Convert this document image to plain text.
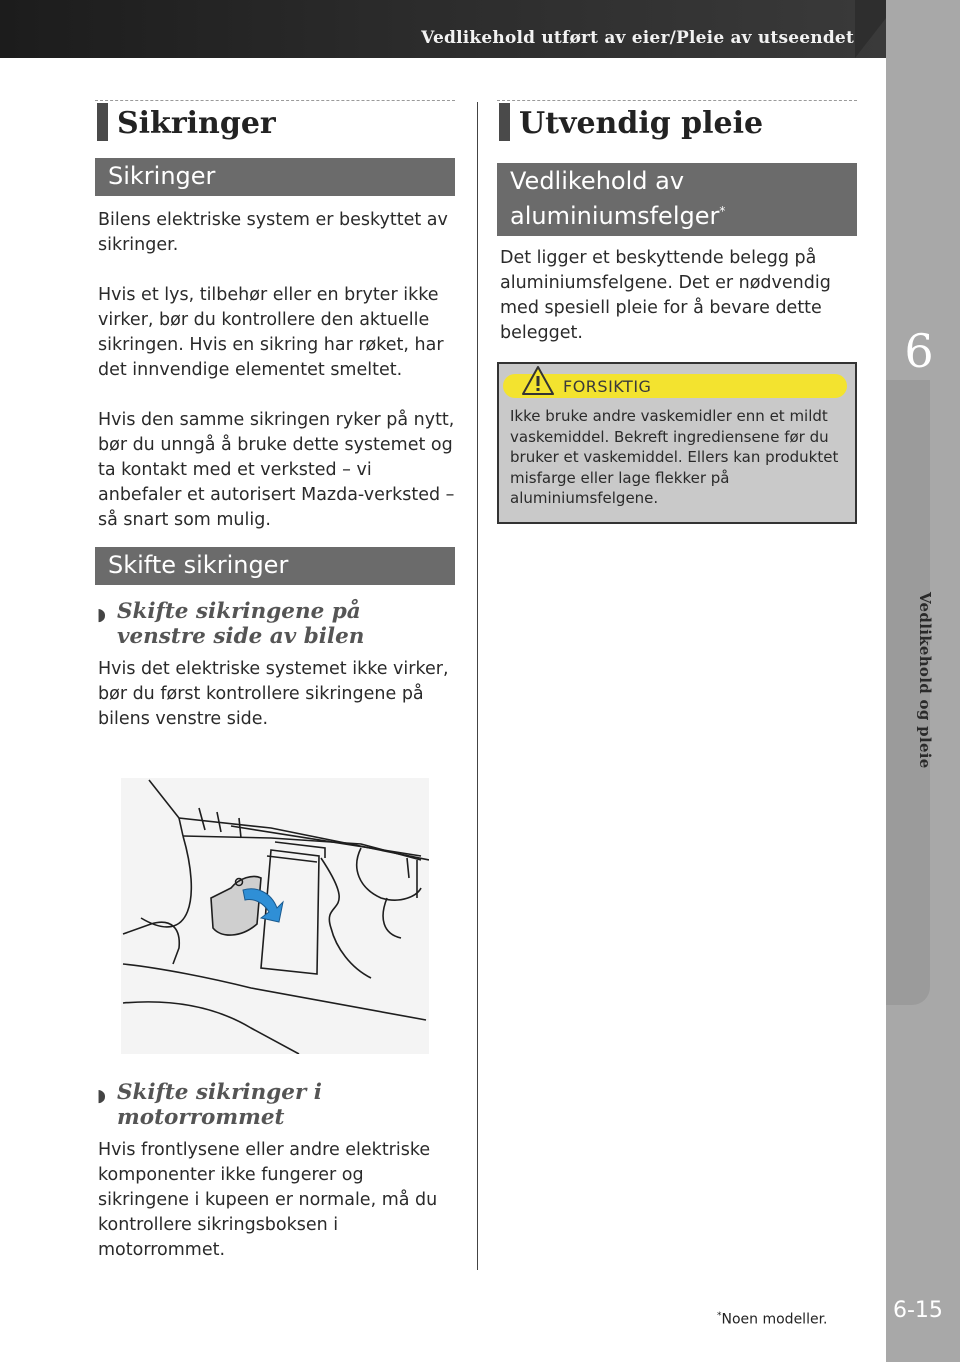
Vedlikehold utført av eier/Pleie av utseendet
6
Vedlikehold og pleie
6-15
*Noen modeller.
Sikringer
Sikringer

Bilens elektriske system er beskyttet av sikringer.

Hvis et lys, tilbehør eller en bryter ikke virker, bør du kontrollere den aktuelle sikringen. Hvis en sikring har røket, har det innvendige elementet smeltet.

Hvis den samme sikringen ryker på nytt, bør du unngå å bruke dette systemet og ta kontakt med et verksted – vi anbefaler et autorisert Mazda-verksted – så snart som mulig.

Skifte sikringer
◗ Skifte sikringene på venstre side av bilen

Hvis det elektriske systemet ikke virker, bør du først kontrollere sikringene på bilens venstre side.

◗ Skifte sikringer i motorrommet

Hvis frontlysene eller andre elektriske komponenter ikke fungerer og sikringene i kupeen er normale, må du kontrollere sikringsboksen i motorrommet.

Utvendig pleie
Vedlikehold av aluminiumsfelger*

Det ligger et beskyttende belegg på aluminiumsfelgene. Det er nødvendig med spesiell pleie for å bevare dette belegget.

FORSIKTIG
Ikke bruke andre vaskemidler enn et mildt vaskemiddel. Bekreft ingrediensene før du bruker et vaskemiddel. Ellers kan produktet misfarge eller lage flekker på aluminiumsfelgene.
